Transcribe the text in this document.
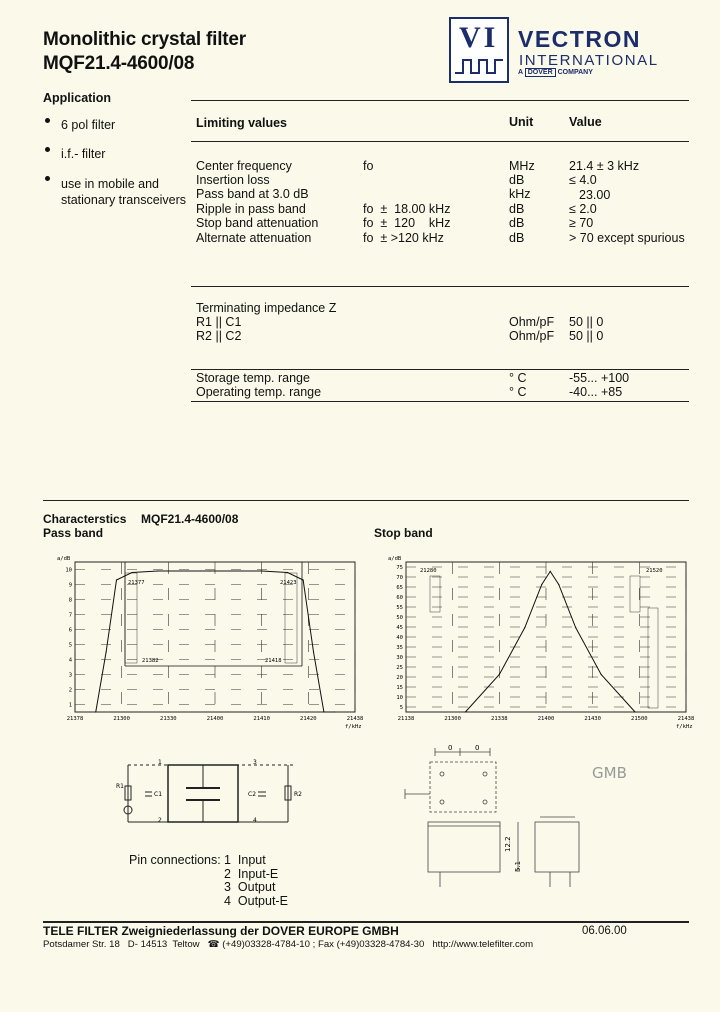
Monolithic crystal filter
MQF21.4-4600/08
VI VECTRON
INTERNATIONAL
A DOVER COMPANY
Application
6 pol filter
i.f.- filter
use in mobile and
stationary transceivers
Limiting values	Unit	Value
Center frequency	fo	MHz	21.4 ± 3 kHz
Insertion loss	dB	≤ 4.0
Pass band at 3.0 dB	kHz	23.00
Ripple in pass band	fo  ±  18.00 kHz	dB	≤ 2.0
Stop band attenuation	fo  ±  120    kHz	dB	≥ 70
Alternate attenuation	fo  ± >120 kHz	dB	> 70 except spurious
Terminating impedance Z
R1 || C1	Ohm/pF 50 || 0
R2 || C2	Ohm/pF 50 || 0
Storage temp. range	° C	-55... +100
Operating temp. range	° C	-40... +85
Characterstics MQF21.4-4600/08
Pass band	Stop band
10
9
8
7
6
5
4
3
2
1
21378	21300	21330	21400	21410	21420	21438
a/dB
f/kHz
21377	21423
21382	21418
75
70
65
60
55
50
45
40
35
30
25
20
15
10
5
21138	21300	21338	21400	21430	21500	21438
a/dB
f/kHz
21280	21520
1	3
2	4
R1
C1	C2	R2
0	0
12.2
5.1
GMB
Pin connections: 1  Input
2  Input-E
3  Output
4  Output-E
TELE FILTER Zweigniederlassung der DOVER EUROPE GMBH	06.06.00
Potsdamer Str. 18   D- 14513  Teltow   ☎ (+49)03328-4784-10 ; Fax (+49)03328-4784-30   http://www.telefilter.com
